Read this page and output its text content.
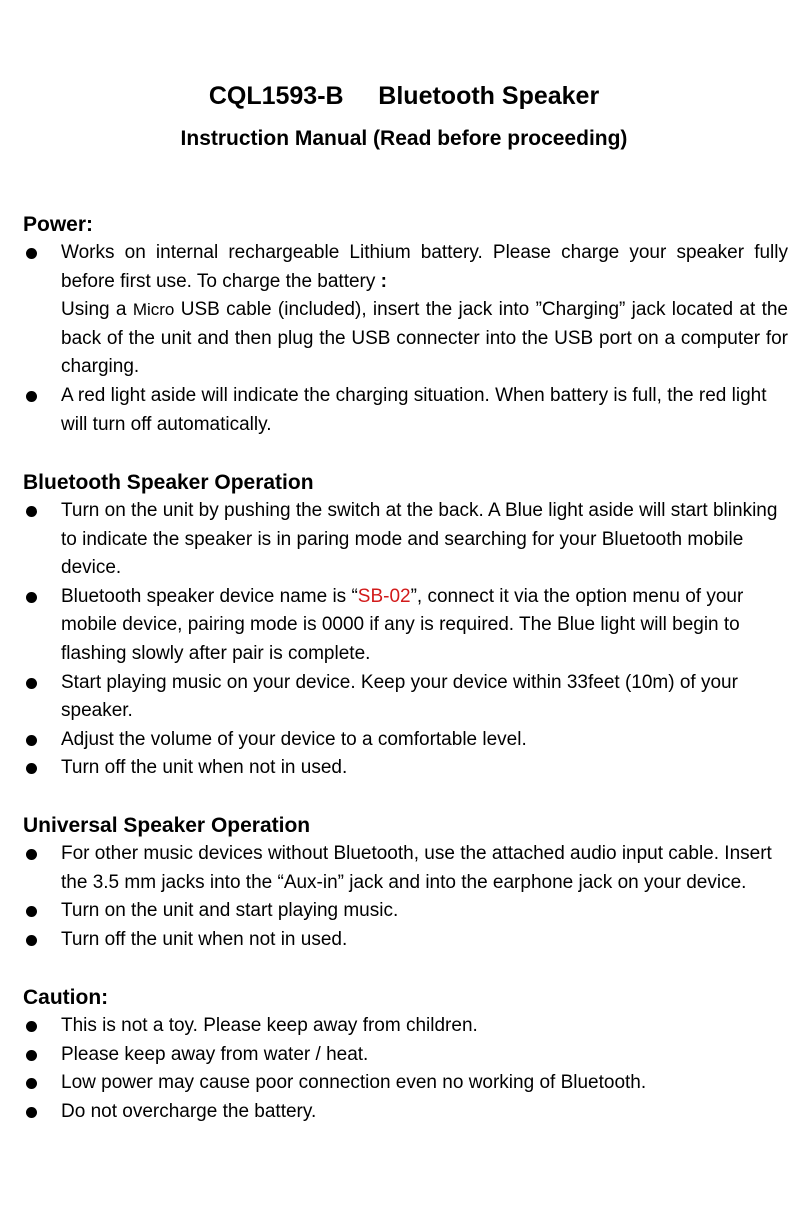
CQL1593-B     Bluetooth Speaker
Instruction Manual (Read before proceeding)
Power:
Works on internal rechargeable Lithium battery. Please charge your speaker fully before first use. To charge the battery :
Using a Micro USB cable (included), insert the jack into ”Charging” jack located at the back of the unit and then plug the USB connecter into the USB port on a computer for charging.
A red light aside will indicate the charging situation. When battery is full, the red light will turn off automatically.
Bluetooth Speaker Operation
Turn on the unit by pushing the switch at the back. A Blue light aside will start blinking to indicate the speaker is in paring mode and searching for your Bluetooth mobile device.
Bluetooth speaker device name is “SB-02”, connect it via the option menu of your mobile device, pairing mode is 0000 if any is required. The Blue light will begin to flashing slowly after pair is complete.
Start playing music on your device. Keep your device within 33feet (10m) of your speaker.
Adjust the volume of your device to a comfortable level.
Turn off the unit when not in used.
Universal Speaker Operation
For other music devices without Bluetooth, use the attached audio input cable. Insert the 3.5 mm jacks into the “Aux-in” jack and into the earphone jack on your device.
Turn on the unit and start playing music.
Turn off the unit when not in used.
Caution:
This is not a toy. Please keep away from children.
Please keep away from water / heat.
Low power may cause poor connection even no working of Bluetooth.
Do not overcharge the battery.
